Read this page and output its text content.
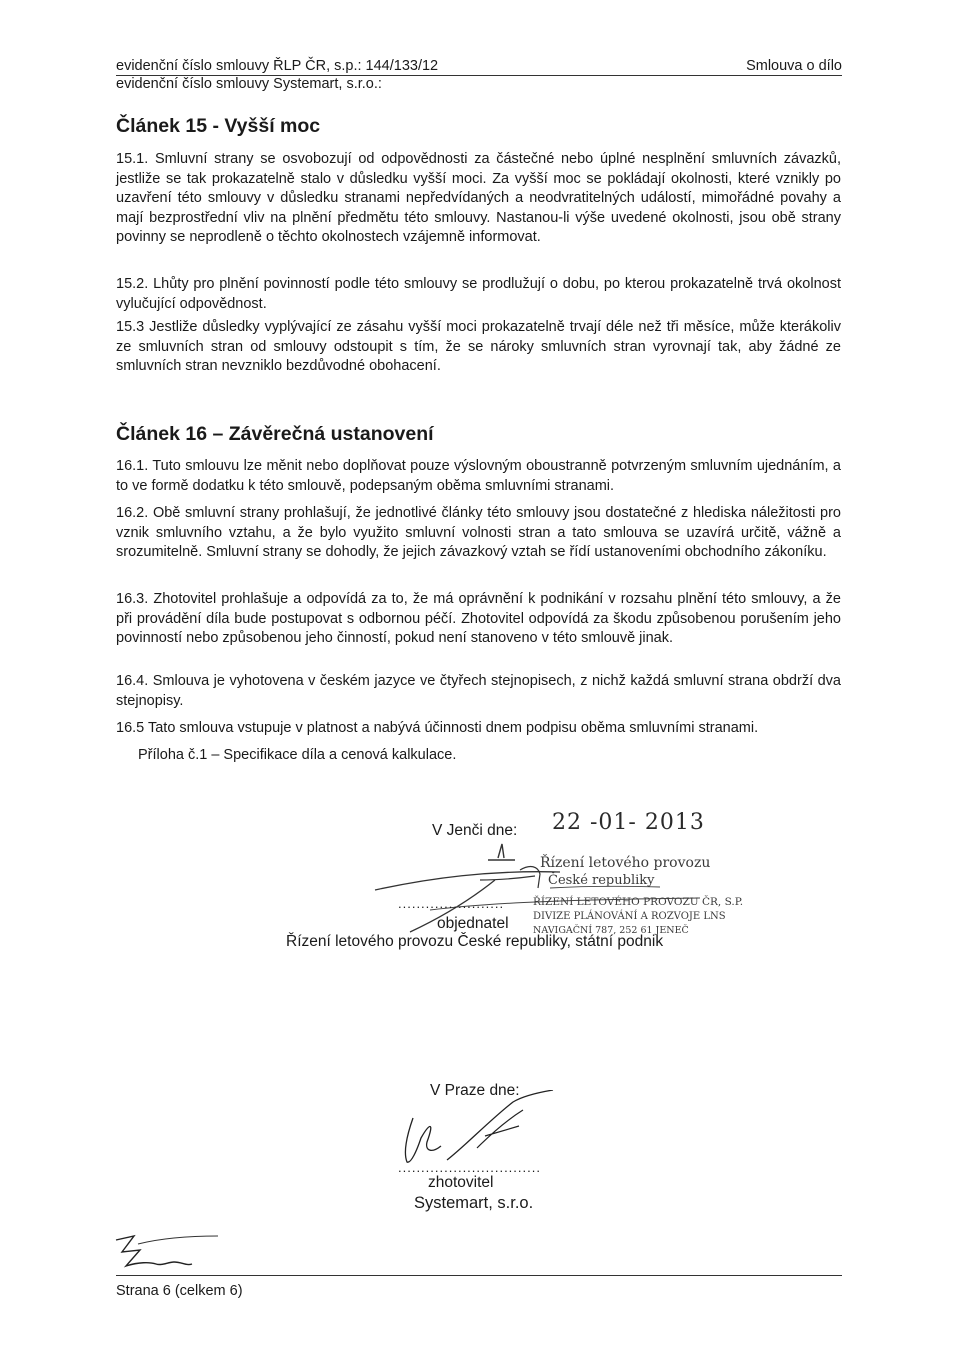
evidenční číslo smlouvy ŘLP ČR, s.p.: 144/133/12
evidenční číslo smlouvy Systemart, s.r.o.:
Smlouva o dílo
Článek 15 - Vyšší moc

15.1. Smluvní strany se osvobozují od odpovědnosti za částečné nebo úplné nesplnění smluvních závazků, jestliže se tak prokazatelně stalo v důsledku vyšší moci. Za vyšší moc se pokládají okolnosti, které vznikly po uzavření této smlouvy v důsledku stranami nepředvídaných a neodvratitelných událostí, mimořádné povahy a mají bezprostřední vliv na plnění předmětu této smlouvy. Nastanou-li výše uvedené okolnosti, jsou obě strany povinny se neprodleně o těchto okolnostech vzájemně informovat.

15.2. Lhůty pro plnění povinností podle této smlouvy se prodlužují o dobu, po kterou prokazatelně trvá okolnost vylučující odpovědnost.

15.3 Jestliže důsledky vyplývající ze zásahu vyšší moci prokazatelně trvají déle než tři měsíce, může kterákoliv ze smluvních stran od smlouvy odstoupit s tím, že se nároky smluvních stran vyrovnají tak, aby žádné ze smluvních stran nevzniklo bezdůvodné obohacení.

Článek 16 – Závěrečná ustanovení

16.1. Tuto smlouvu lze měnit nebo doplňovat pouze výslovným oboustranně potvrzeným smluvním ujednáním, a to ve formě dodatku k této smlouvě, podepsaným oběma smluvními stranami.

16.2. Obě smluvní strany prohlašují, že jednotlivé články této smlouvy jsou dostatečné z hlediska náležitosti pro vznik smluvního vztahu, a že bylo využito smluvní volnosti stran a tato smlouva se uzavírá určitě, vážně a srozumitelně. Smluvní strany se dohodly, že jejich závazkový vztah se řídí ustanoveními obchodního zákoníku.

16.3. Zhotovitel prohlašuje a odpovídá za to, že má oprávnění k podnikání v rozsahu plnění této smlouvy, a že při provádění díla bude postupovat s odbornou péčí. Zhotovitel odpovídá za škodu způsobenou porušením jeho povinností nebo způsobenou jeho činností, pokud není stanoveno v této smlouvě jinak.

16.4. Smlouva je vyhotovena v českém jazyce ve čtyřech stejnopisech, z nichž každá smluvní strana obdrží dva stejnopisy.

16.5 Tato smlouva vstupuje v platnost a nabývá účinnosti dnem podpisu oběma smluvními stranami.

Příloha č.1 – Specifikace díla a cenová kalkulace.
V Jenči dne: 22 -01- 2013
Řízení letového provozu
České republiky
.......................	ŘÍZENÍ LETOVÉHO PROVOZU ČR, S.P.
DIVIZE PLÁNOVÁNÍ A ROZVOJE LNS
NAVIGAČNÍ 787, 252 61 JENEČ
objednatel
Řízení letového provozu České republiky, státní podnik
V Praze dne:
...............................
zhotovitel
Systemart, s.r.o.
Strana 6 (celkem 6)
